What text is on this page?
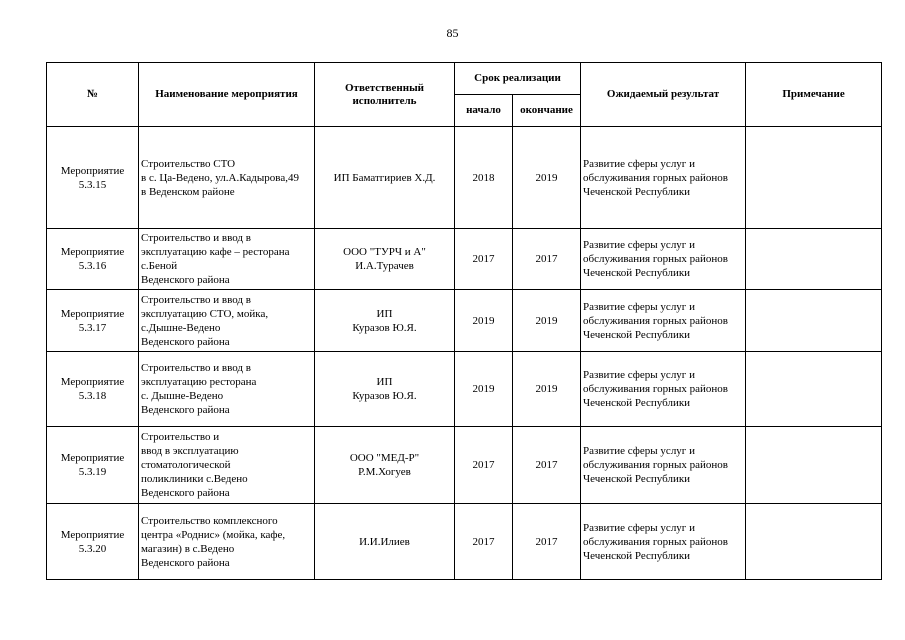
85
№	Наименование мероприятия	Ответственный
исполнитель	Срок реализации		Ожидаемый результат	Примечание
			начало	окончание		

Мероприятие
5.3.15	Строительство СТО
в с. Ца-Ведено, ул.А.Кадырова,49
в Веденском районе	ИП Баматгириев Х.Д.	2018	2019	Развитие сферы услуг и
обслуживания горных районов
Чеченской Республики	

Мероприятие
5.3.16	Строительство и ввод в
эксплуатацию кафе – ресторана
с.Беной
Веденского района	ООО "ТУРЧ и А"
И.А.Турачев	2017	2017	Развитие сферы услуг и
обслуживания горных районов
Чеченской Республики	

Мероприятие
5.3.17	Строительство и ввод в
эксплуатацию СТО, мойка,
с.Дышне-Ведено
Веденского района	ИП
Куразов Ю.Я.	2019	2019	Развитие сферы услуг и
обслуживания горных районов
Чеченской Республики	

Мероприятие
5.3.18	Строительство и ввод в
эксплуатацию ресторана
с. Дышне-Ведено
Веденского района	ИП
Куразов Ю.Я.	2019	2019	Развитие сферы услуг и
обслуживания горных районов
Чеченской Республики	

Мероприятие
5.3.19	Строительство и
ввод в эксплуатацию
стоматологической
поликлиники с.Ведено
Веденского района	ООО "МЕД-Р"
Р.М.Хогуев	2017	2017	Развитие сферы услуг и
обслуживания горных районов
Чеченской Республики	

Мероприятие
5.3.20	Строительство комплексного
центра «Роднис» (мойка, кафе,
магазин) в с.Ведено
Веденского района	И.И.Илиев	2017	2017	Развитие сферы услуг и
обслуживания горных районов
Чеченской Республики	
